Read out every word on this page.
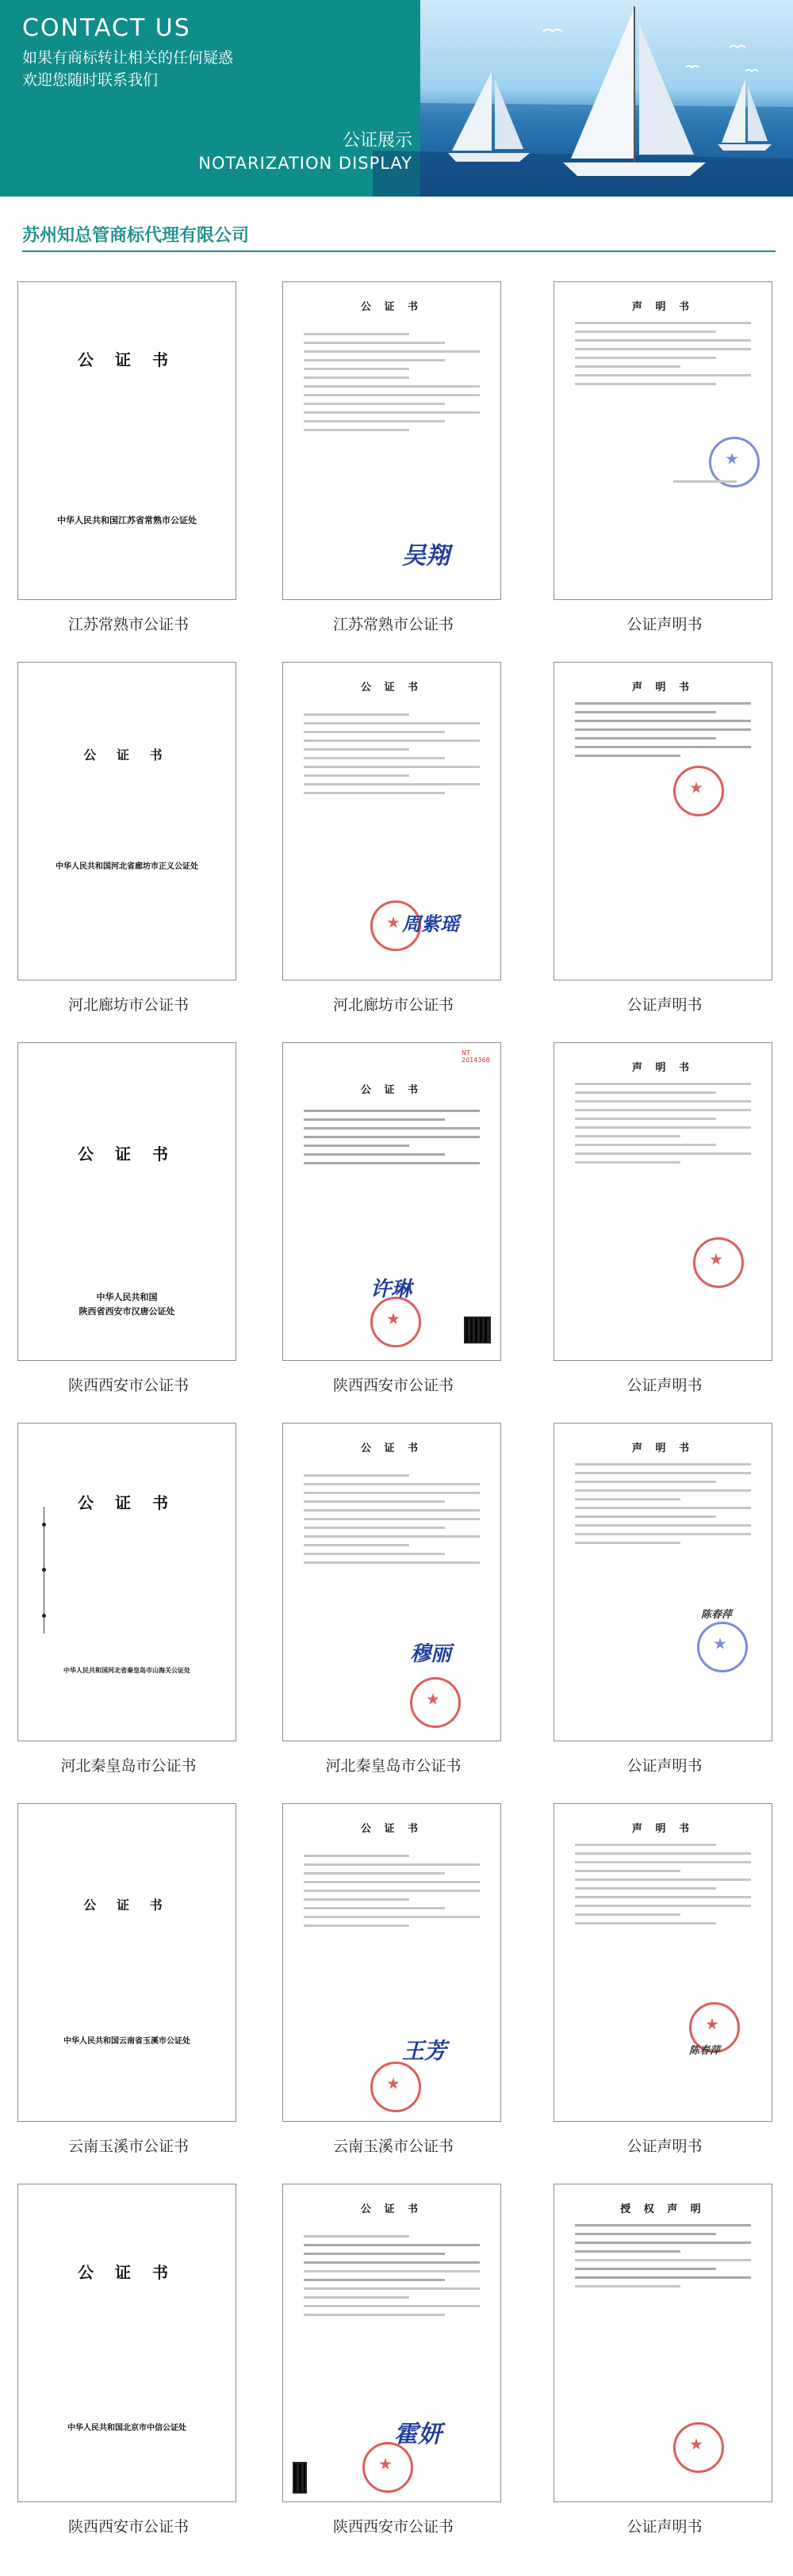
CONTACT US
如果有商标转让相关的任何疑惑
欢迎您随时联系我们
公证展示
NOTARIZATION DISPLAY
苏州知总管商标代理有限公司
公 证 书
中华人民共和国江苏省常熟市公证处
江苏常熟市公证书
公 证 书
吴翔
江苏常熟市公证书
声 明 书
公证声明书
公 证 书
中华人民共和国河北省廊坊市正义公证处
河北廊坊市公证书
公 证 书
周紫瑶
河北廊坊市公证书
声 明 书
公证声明书
公 证 书
中华人民共和国
陕西省西安市汉唐公证处
陕西西安市公证书
NT 2014368
公 证 书
许琳
陕西西安市公证书
声 明 书
公证声明书
公 证 书
中华人民共和国河北省秦皇岛市山海关公证处
河北秦皇岛市公证书
公 证 书
穆丽
河北秦皇岛市公证书
声 明 书
陈春萍
公证声明书
公 证 书
中华人民共和国云南省玉溪市公证处
云南玉溪市公证书
公 证 书
王芳
云南玉溪市公证书
声 明 书
陈春萍
公证声明书
公 证 书
中华人民共和国北京市中信公证处
陕西西安市公证书
公 证 书
霍妍
陕西西安市公证书
授 权 声 明
公证声明书
